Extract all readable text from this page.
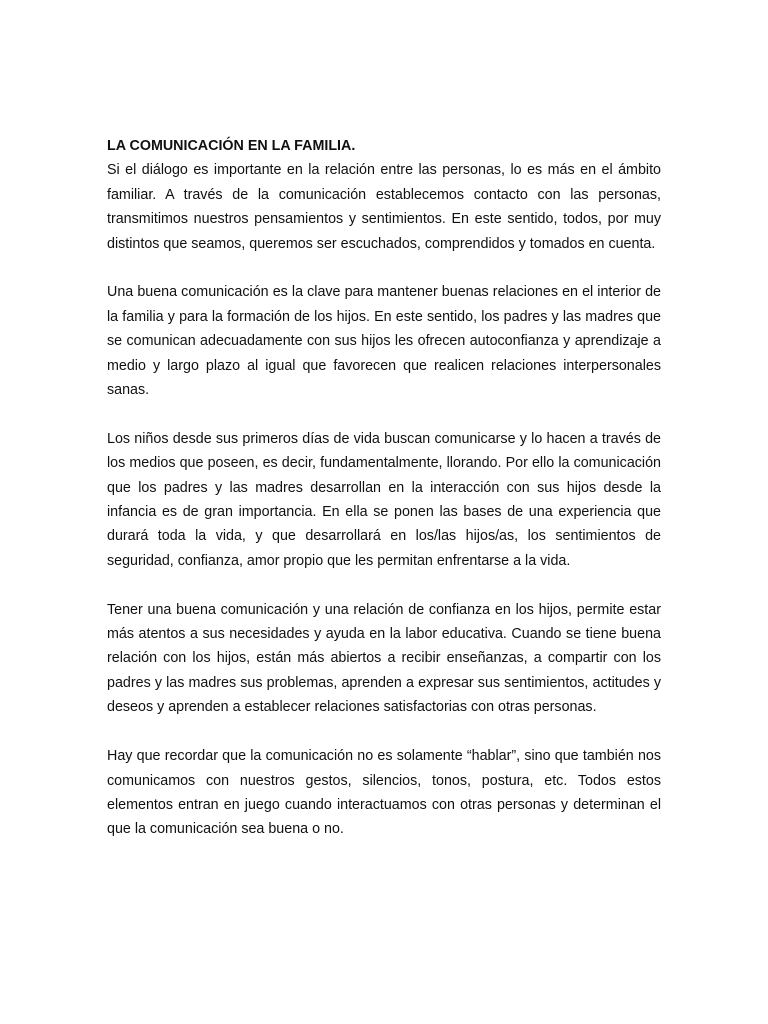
LA COMUNICACIÓN EN LA FAMILIA.

Si el diálogo es importante en la relación entre las personas, lo es más en el ámbito familiar. A través de la comunicación establecemos contacto con las personas, transmitimos nuestros pensamientos y sentimientos. En este sentido, todos, por muy distintos que seamos, queremos ser escuchados, comprendidos y tomados en cuenta.

Una buena comunicación es la clave para mantener buenas relaciones en el interior de la familia y para la formación de los hijos. En este sentido, los padres y las madres que se comunican adecuadamente con sus hijos les ofrecen autoconfianza y aprendizaje a medio y largo plazo al igual que favorecen que realicen relaciones interpersonales sanas.

Los niños desde sus primeros días de vida buscan comunicarse y lo hacen a través de los medios que poseen, es decir, fundamentalmente, llorando. Por ello la comunicación que los padres y las madres desarrollan en la interacción con sus hijos desde la infancia es de gran importancia. En ella se ponen las bases de una experiencia que durará toda la vida, y que desarrollará en los/las hijos/as, los sentimientos de seguridad, confianza, amor propio que les permitan enfrentarse a la vida.

Tener una buena comunicación y una relación de confianza en los hijos, permite estar más atentos a sus necesidades y ayuda en la labor educativa. Cuando se tiene buena relación con los hijos, están más abiertos a recibir enseñanzas, a compartir con los padres y las madres sus problemas, aprenden a expresar sus sentimientos, actitudes y deseos y aprenden a establecer relaciones satisfactorias con otras personas.

Hay que recordar que la comunicación no es solamente “hablar”, sino que también nos comunicamos con nuestros gestos, silencios, tonos, postura, etc. Todos estos elementos entran en juego cuando interactuamos con otras personas y determinan el que la comunicación sea buena o no.
